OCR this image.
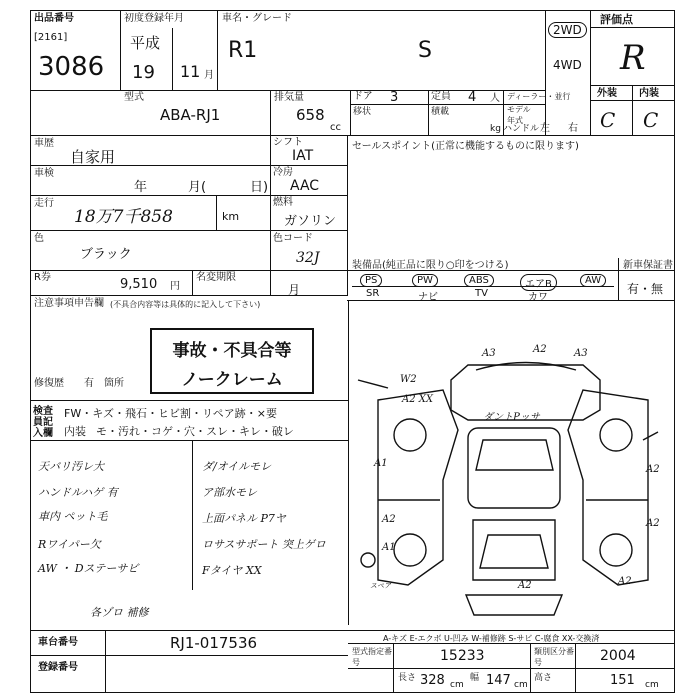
出品番号
[2161]
3086
初度登録年月
平成
19 11 月
車名・グレード
R1	S
2WD
4WD
評価点
R
外装 内装
C C
型式
ABA-RJ1
排気量
658
cc
ドア 3	定員 4 人 ディーラー・並行
移状	積載	モデル年式
kg ハンドル 左 右
車歴
自家用
車検
年	月(	日)
走行
18万7千858	km
色
ブラック
R券	9,510 円
名変期限
月
注意事項申告欄 (不具合内容等は具体的に記入して下さい)
修復歴 有 箇所
シフト
IAT
冷房
AAC
燃料
ガソリン
色コード
32J
セールスポイント(正常に機能するものに限ります)
装備品(純正品に限り○印をつける)	新車保証書
有・無
PS	PW	ABS	エアB	AW
SR	ナビ	TV	カワ
事故・不具合等
ノークレーム
検査員記入欄
FW・キズ・飛石・ヒビ割・リペア跡・×要
内装 モ・汚れ・コゲ・穴・スレ・キレ・破レ
天バリ汚レ大
ハンドルハゲ 有
車内 ペット毛
Rワイパー欠
AW ・ Dステーサビ
各ゾロ 補修
ダ/オイルモレ
ア部水モレ
上面パネル P7ヤ
ロサスサポート 突上ゲロ
Fタイヤ XX
A3	A2	A3
W2
A2 XX
ダントPッサ
A1
A2
A2	A2
A1
A2	A2
スペア
A-キズ E-エクボ U-凹み W-補修跡 S-サビ C-腐食 XX-交換済
車台番号	RJ1-017536
登録番号
型式指定番号	15233	類別区分番号	2004
長さ 328 cm
幅 147 cm
高さ	151 cm
